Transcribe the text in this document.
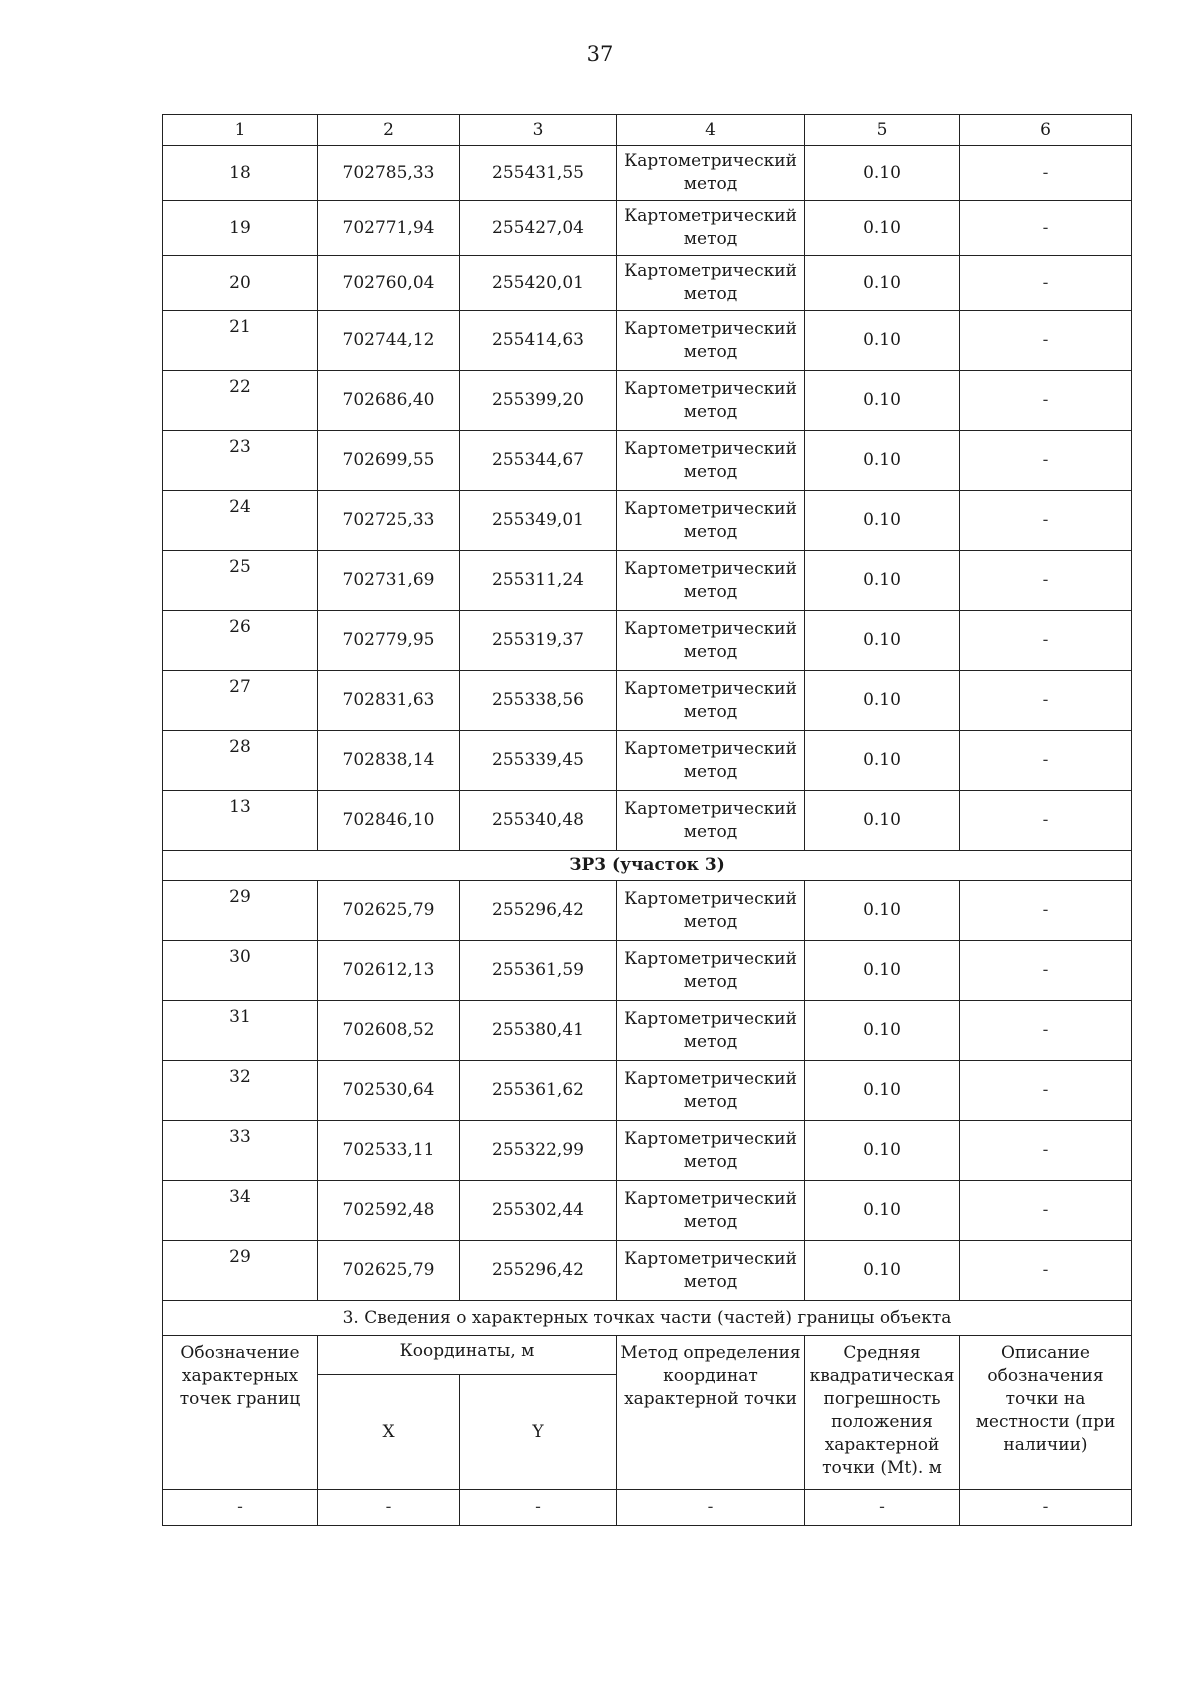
37
1	2	3	4	5	6
18	702785,33	255431,55	Картометрический метод	0.10	-
19	702771,94	255427,04	Картометрический метод	0.10	-
20	702760,04	255420,01	Картометрический метод	0.10	-
21	702744,12	255414,63	Картометрический метод	0.10	-
22	702686,40	255399,20	Картометрический метод	0.10	-
23	702699,55	255344,67	Картометрический метод	0.10	-
24	702725,33	255349,01	Картометрический метод	0.10	-
25	702731,69	255311,24	Картометрический метод	0.10	-
26	702779,95	255319,37	Картометрический метод	0.10	-
27	702831,63	255338,56	Картометрический метод	0.10	-
28	702838,14	255339,45	Картометрический метод	0.10	-
13	702846,10	255340,48	Картометрический метод	0.10	-
ЗР3 (участок 3)					
29	702625,79	255296,42	Картометрический метод	0.10	-
30	702612,13	255361,59	Картометрический метод	0.10	-
31	702608,52	255380,41	Картометрический метод	0.10	-
32	702530,64	255361,62	Картометрический метод	0.10	-
33	702533,11	255322,99	Картометрический метод	0.10	-
34	702592,48	255302,44	Картометрический метод	0.10	-
29	702625,79	255296,42	Картометрический метод	0.10	-
3. Сведения о характерных точках части (частей) границы объекта					
Обозначение характерных точек границ	Координаты, м		Метод определения координат характерной точки	Средняя квадратическая погрешность положения характерной точки (Mt). м	Описание обозначения точки на местности (при наличии)
	X	Y			
-	-	-	-	-	-
